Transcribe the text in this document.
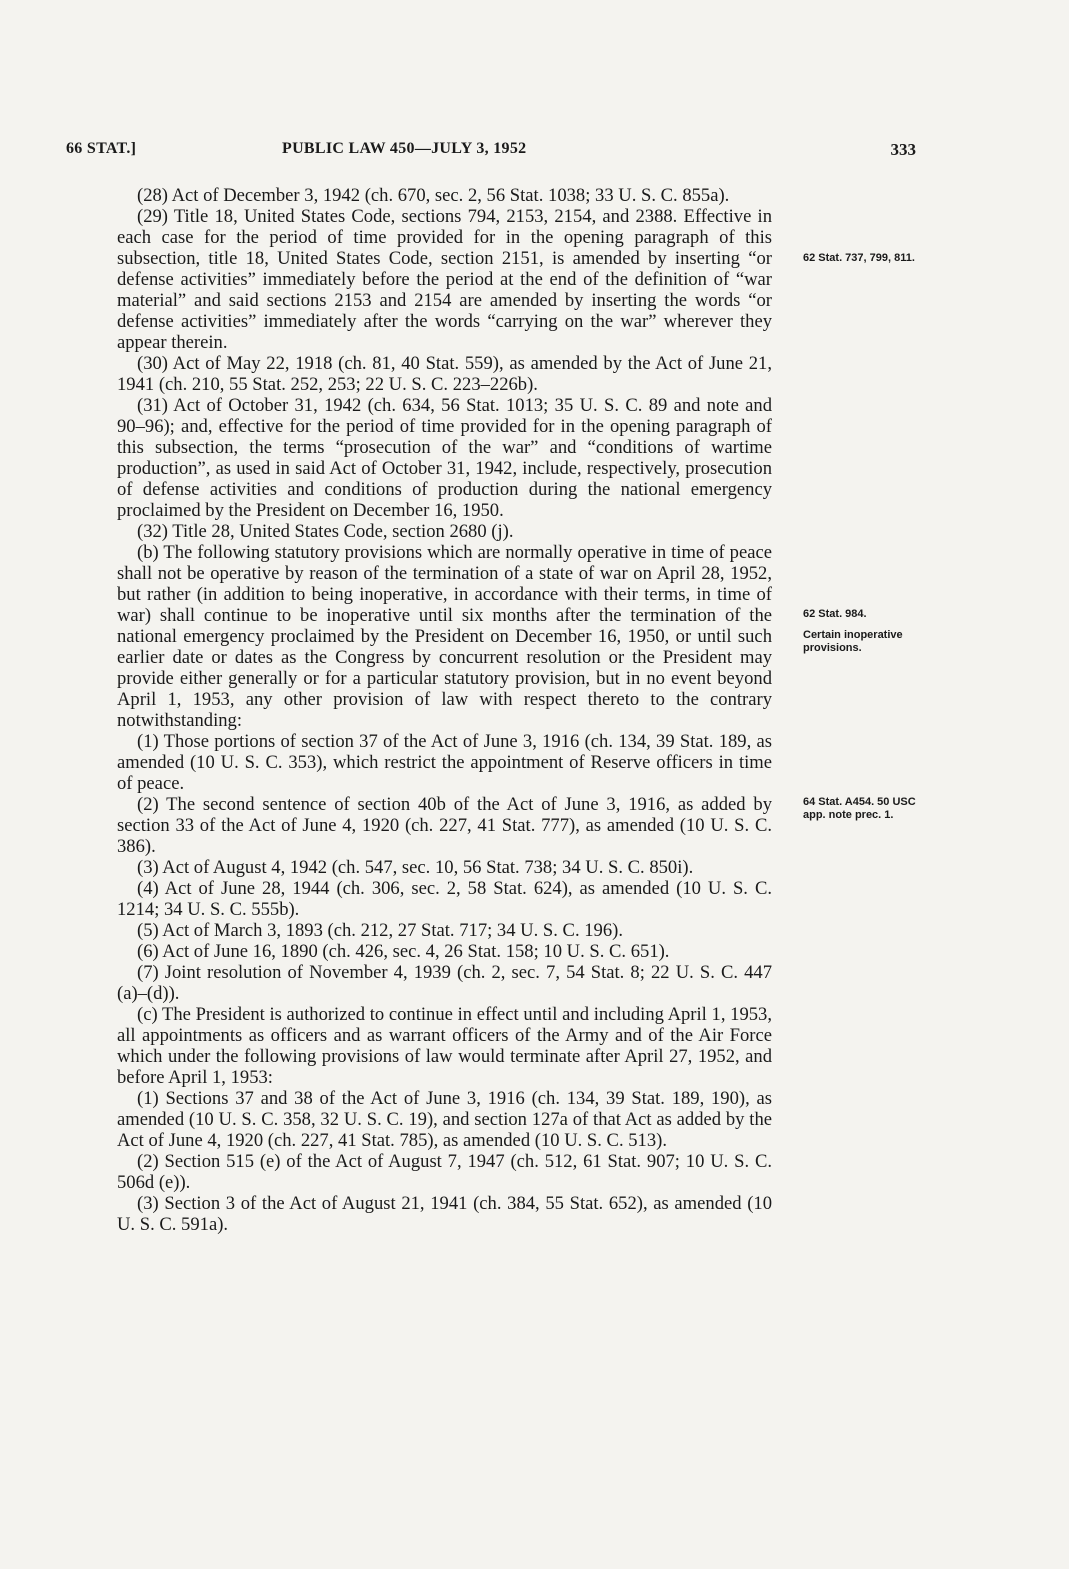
66 STAT.]	PUBLIC LAW 450—JULY 3, 1952	333

(28) Act of December 3, 1942 (ch. 670, sec. 2, 56 Stat. 1038; 33 U. S. C. 855a).

(29) Title 18, United States Code, sections 794, 2153, 2154, and 2388. Effective in each case for the period of time provided for in the opening paragraph of this subsection, title 18, United States Code, section 2151, is amended by inserting “or defense activities” immediately before the period at the end of the definition of “war material” and said sections 2153 and 2154 are amended by inserting the words “or defense activities” immediately after the words “carrying on the war” wherever they appear therein.

(30) Act of May 22, 1918 (ch. 81, 40 Stat. 559), as amended by the Act of June 21, 1941 (ch. 210, 55 Stat. 252, 253; 22 U. S. C. 223–226b).

(31) Act of October 31, 1942 (ch. 634, 56 Stat. 1013; 35 U. S. C. 89 and note and 90–96); and, effective for the period of time provided for in the opening paragraph of this subsection, the terms “prosecution of the war” and “conditions of wartime production”, as used in said Act of October 31, 1942, include, respectively, prosecution of defense activities and conditions of production during the national emergency proclaimed by the President on December 16, 1950.

(32) Title 28, United States Code, section 2680 (j).

(b) The following statutory provisions which are normally operative in time of peace shall not be operative by reason of the termination of a state of war on April 28, 1952, but rather (in addition to being inoperative, in accordance with their terms, in time of war) shall continue to be inoperative until six months after the termination of the national emergency proclaimed by the President on December 16, 1950, or until such earlier date or dates as the Congress by concurrent resolution or the President may provide either generally or for a particular statutory provision, but in no event beyond April 1, 1953, any other provision of law with respect thereto to the contrary notwithstanding:

(1) Those portions of section 37 of the Act of June 3, 1916 (ch. 134, 39 Stat. 189, as amended (10 U. S. C. 353), which restrict the appointment of Reserve officers in time of peace.

(2) The second sentence of section 40b of the Act of June 3, 1916, as added by section 33 of the Act of June 4, 1920 (ch. 227, 41 Stat. 777), as amended (10 U. S. C. 386).

(3) Act of August 4, 1942 (ch. 547, sec. 10, 56 Stat. 738; 34 U. S. C. 850i).

(4) Act of June 28, 1944 (ch. 306, sec. 2, 58 Stat. 624), as amended (10 U. S. C. 1214; 34 U. S. C. 555b).

(5) Act of March 3, 1893 (ch. 212, 27 Stat. 717; 34 U. S. C. 196).

(6) Act of June 16, 1890 (ch. 426, sec. 4, 26 Stat. 158; 10 U. S. C. 651).

(7) Joint resolution of November 4, 1939 (ch. 2, sec. 7, 54 Stat. 8; 22 U. S. C. 447 (a)–(d)).

(c) The President is authorized to continue in effect until and including April 1, 1953, all appointments as officers and as warrant officers of the Army and of the Air Force which under the following provisions of law would terminate after April 27, 1952, and before April 1, 1953:

(1) Sections 37 and 38 of the Act of June 3, 1916 (ch. 134, 39 Stat. 189, 190), as amended (10 U. S. C. 358, 32 U. S. C. 19), and section 127a of that Act as added by the Act of June 4, 1920 (ch. 227, 41 Stat. 785), as amended (10 U. S. C. 513).

(2) Section 515 (e) of the Act of August 7, 1947 (ch. 512, 61 Stat. 907; 10 U. S. C. 506d (e)).

(3) Section 3 of the Act of August 21, 1941 (ch. 384, 55 Stat. 652), as amended (10 U. S. C. 591a).

62 Stat. 737, 799, 811.
62 Stat. 984.
Certain inoperative provisions.
64 Stat. A454. 50 USC app. note prec. 1.
